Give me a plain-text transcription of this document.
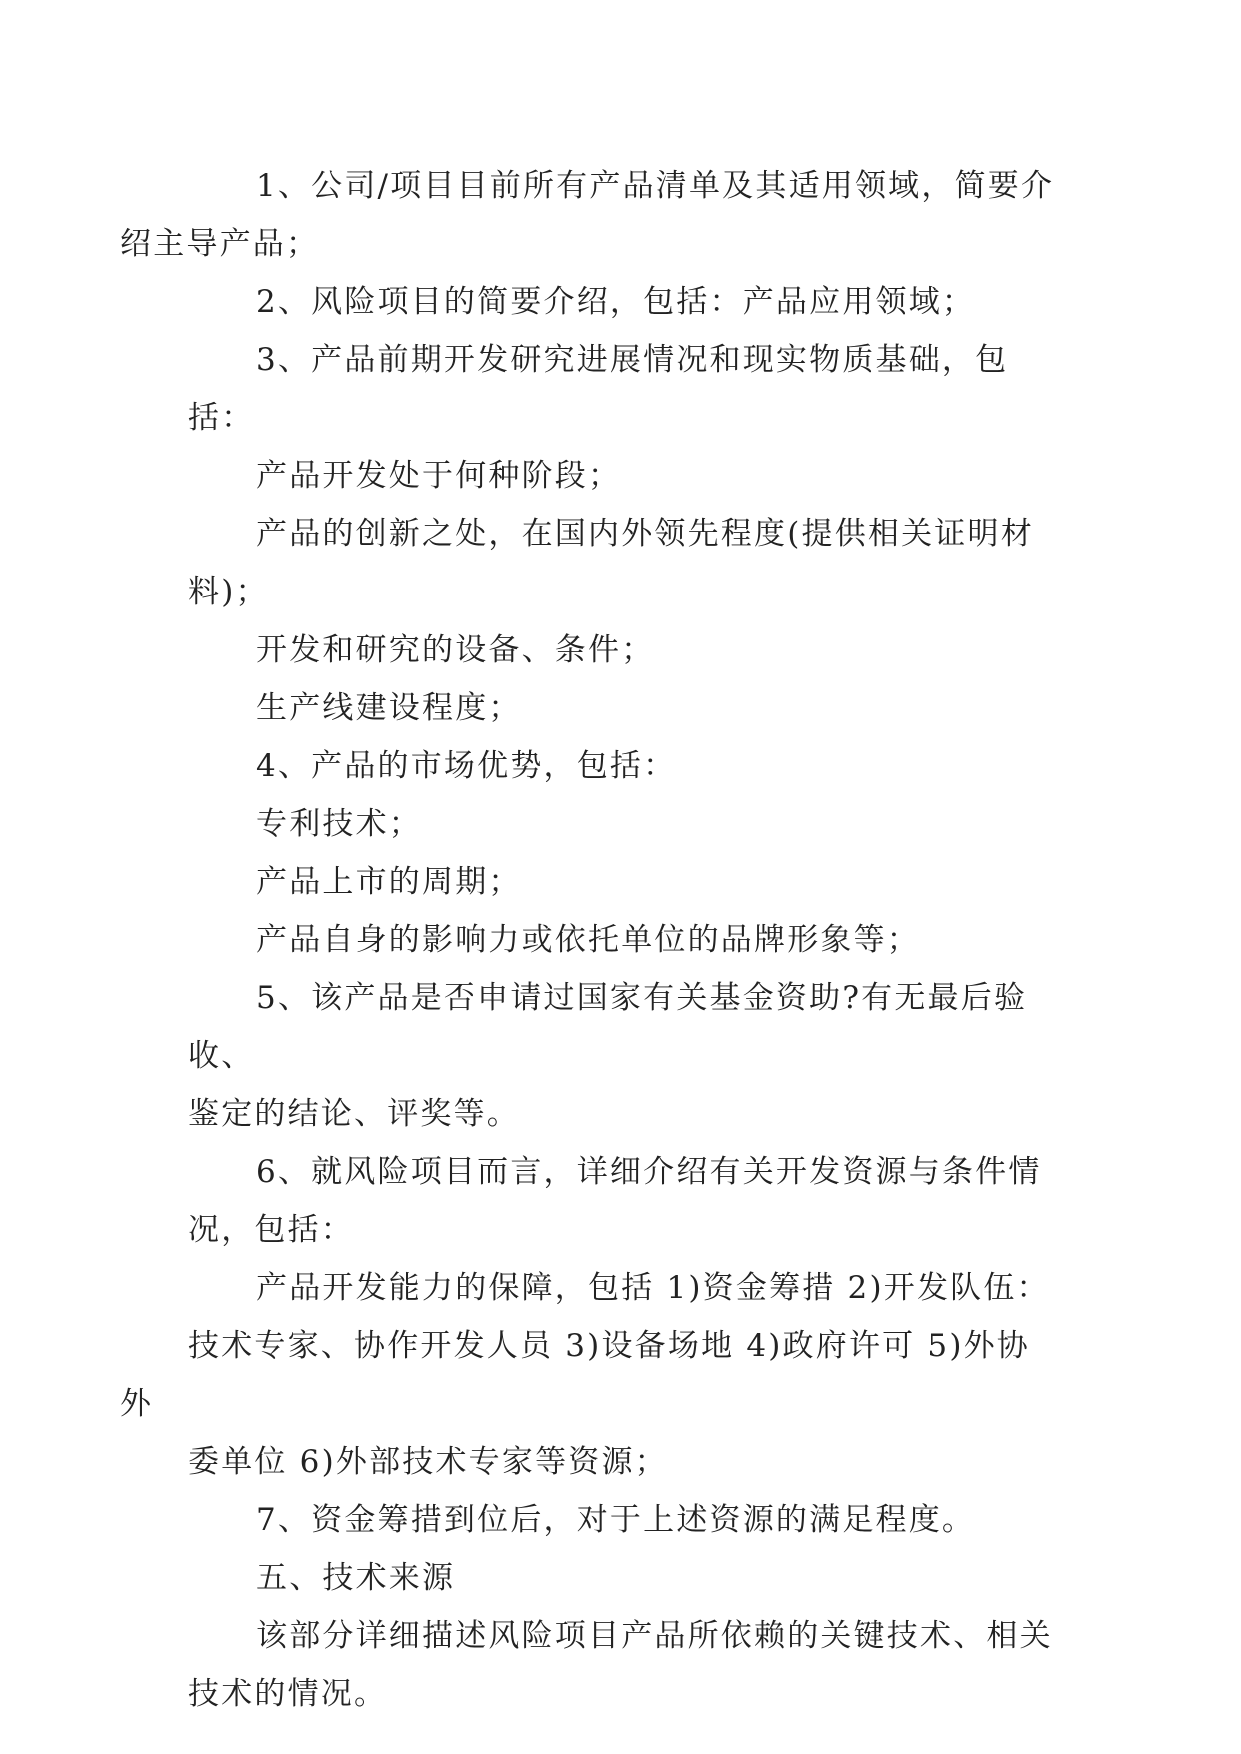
1、公司/项目目前所有产品清单及其适用领域，简要介
绍主导产品；

2、风险项目的简要介绍，包括：产品应用领域；

3、产品前期开发研究进展情况和现实物质基础，包括：

产品开发处于何种阶段；

产品的创新之处，在国内外领先程度(提供相关证明材
料)；

开发和研究的设备、条件；

生产线建设程度；

4、产品的市场优势，包括：

专利技术；

产品上市的周期；

产品自身的影响力或依托单位的品牌形象等；

5、该产品是否申请过国家有关基金资助?有无最后验收、
鉴定的结论、评奖等。

6、就风险项目而言，详细介绍有关开发资源与条件情
况，包括：

产品开发能力的保障，包括 1)资金筹措 2)开发队伍：
技术专家、协作开发人员 3)设备场地 4)政府许可 5)外协外
委单位 6)外部技术专家等资源；

7、资金筹措到位后，对于上述资源的满足程度。

五、技术来源

该部分详细描述风险项目产品所依赖的关键技术、相关
技术的情况。
